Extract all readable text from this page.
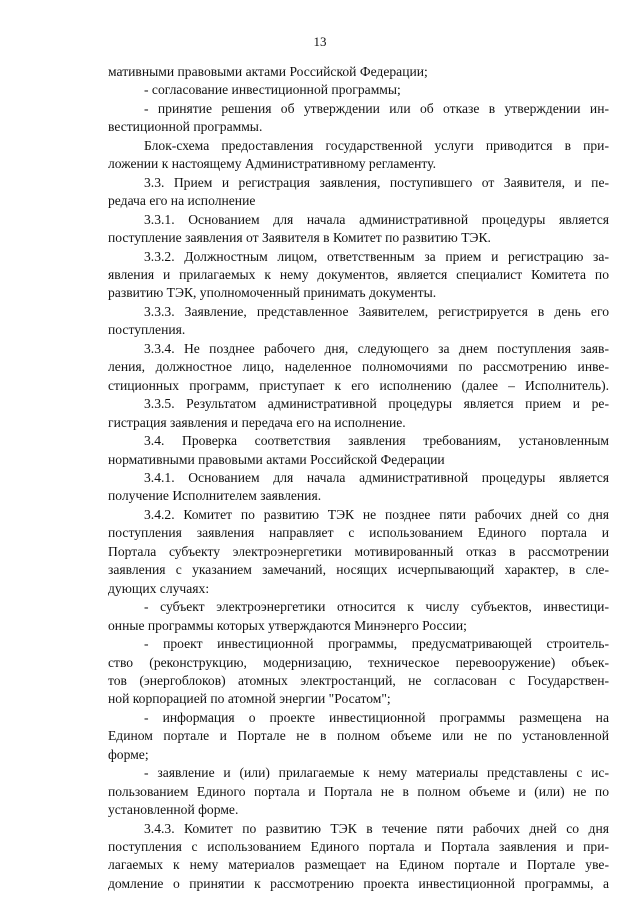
13
мативными правовыми актами Российской Федерации;
- согласование инвестиционной программы;
- принятие решения об утверждении или об отказе в утверждении ин-
вестиционной программы.
Блок-схема предоставления государственной услуги приводится в при-
ложении к настоящему Административному регламенту.
3.3. Прием и регистрация заявления, поступившего от Заявителя, и пе-
редача его на исполнение
3.3.1. Основанием для начала административной процедуры является
поступление заявления от Заявителя в Комитет по развитию ТЭК.
3.3.2. Должностным лицом, ответственным за прием и регистрацию за-
явления и прилагаемых к нему документов, является специалист Комитета по
развитию ТЭК, уполномоченный принимать документы.
3.3.3. Заявление, представленное Заявителем, регистрируется в день его
поступления.
3.3.4. Не позднее рабочего дня, следующего за днем поступления заяв-
ления, должностное лицо, наделенное полномочиями по рассмотрению инве-
стиционных программ, приступает к его исполнению (далее – Исполнитель).
3.3.5. Результатом административной процедуры является прием и ре-
гистрация заявления и передача его на исполнение.
3.4. Проверка соответствия заявления требованиям, установленным
нормативными правовыми актами Российской Федерации
3.4.1. Основанием для начала административной процедуры является
получение Исполнителем заявления.
3.4.2. Комитет по развитию ТЭК не позднее пяти рабочих дней со дня
поступления заявления направляет с использованием Единого портала и
Портала субъекту электроэнергетики мотивированный отказ в рассмотрении
заявления с указанием замечаний, носящих исчерпывающий характер, в сле-
дующих случаях:
- субъект электроэнергетики относится к числу субъектов, инвестици-
онные программы которых утверждаются Минэнерго России;
- проект инвестиционной программы, предусматривающей строитель-
ство (реконструкцию, модернизацию, техническое перевооружение) объек-
тов (энергоблоков) атомных электростанций, не согласован с Государствен-
ной корпорацией по атомной энергии "Росатом";
- информация о проекте инвестиционной программы размещена на
Едином портале и Портале не в полном объеме или не по установленной
форме;
- заявление и (или) прилагаемые к нему материалы представлены с ис-
пользованием Единого портала и Портала не в полном объеме и (или) не по
установленной форме.
3.4.3. Комитет по развитию ТЭК в течение пяти рабочих дней со дня
поступления с использованием Единого портала и Портала заявления и при-
лагаемых к нему материалов размещает на Едином портале и Портале уве-
домление о принятии к рассмотрению проекта инвестиционной программы, а
